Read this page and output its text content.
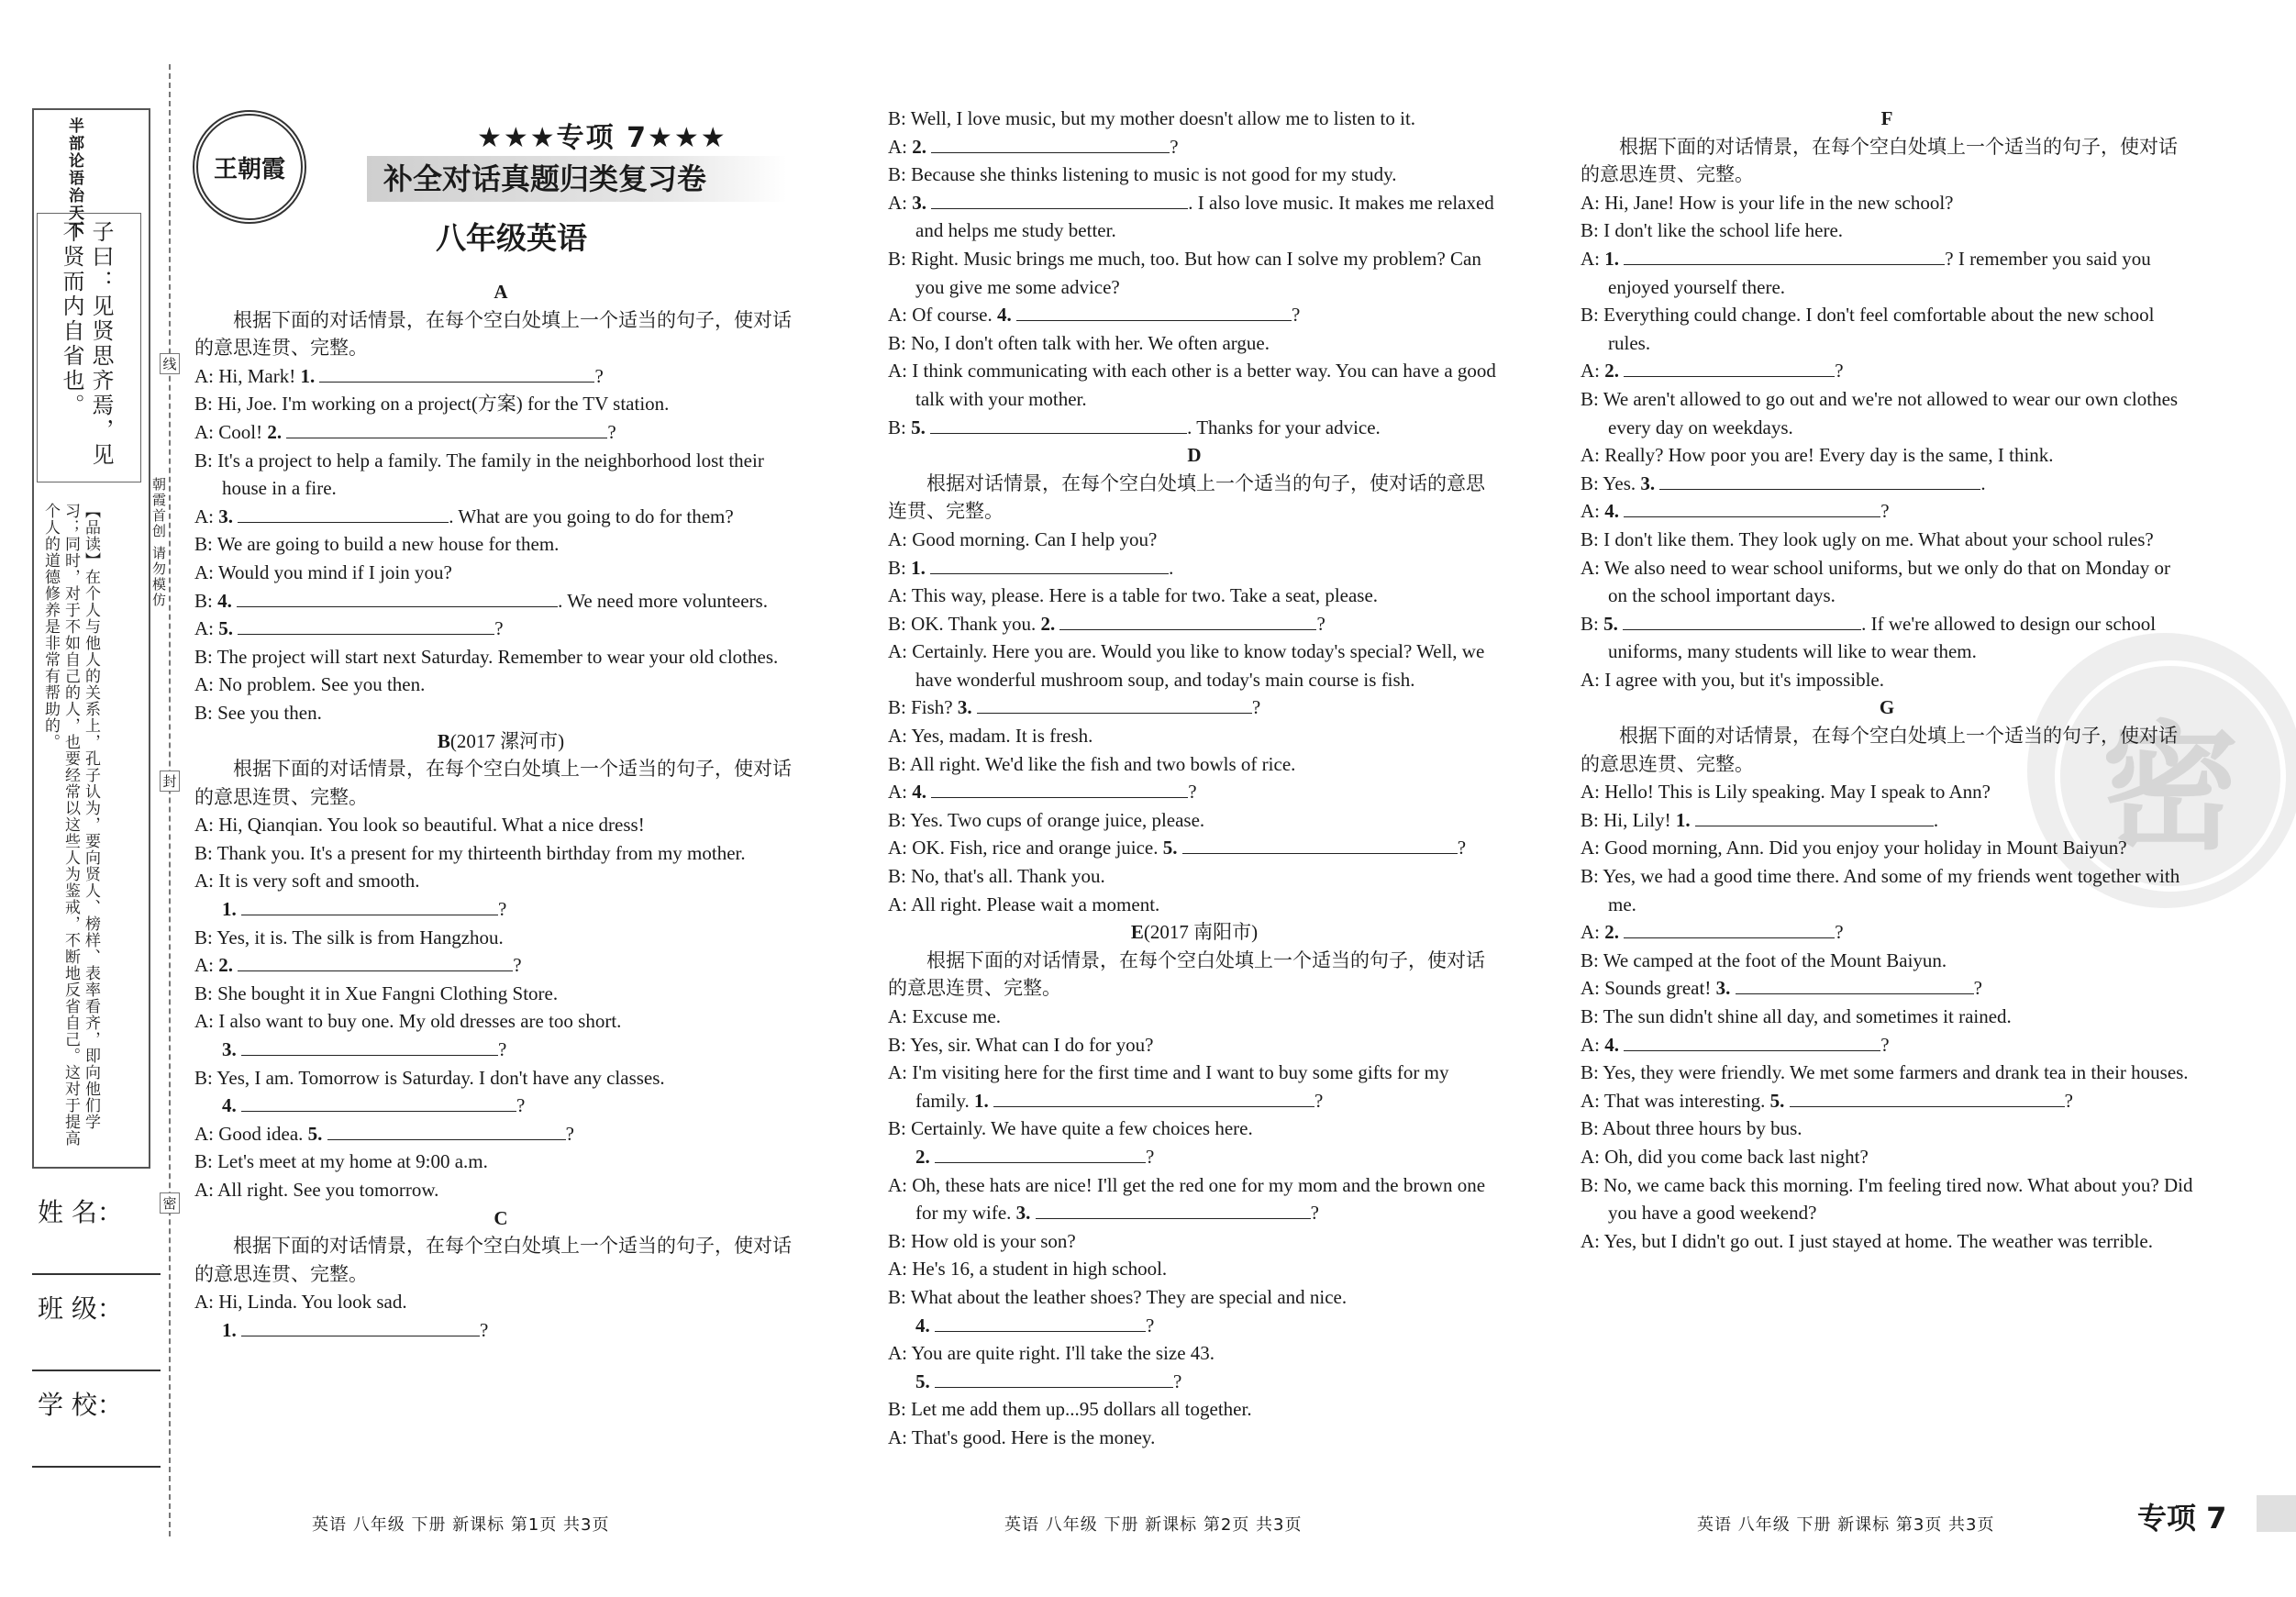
半部论语治天下
子曰：见贤思齐焉，见不贤而内自省也。
【品读】在个人与他人的关系上，孔子认为，要向贤人、榜样、表率看齐，即向他们学习；同时，对于不如自己的人，也要经常以这些人为鉴戒，不断地反省自己。这对于提高个人的道德修养是非常有帮助的。	朝霞首创 请勿模仿
姓 名：
班 级：
学 校：
线
封
密
王朝霞
★★★专项 7★★★
补全对话真题归类复习卷
八年级英语

A

根据下面的对话情景，在每个空白处填上一个适当的句子，使对话的意思连贯、完整。

A: Hi, Mark! 1.	?

B: Hi, Joe. I'm working on a project(方案) for the TV station.

A: Cool! 2.	?

B: It's a project to help a family. The family in the neighborhood lost their house in a fire.

A: 3.	. What are you going to do for them?

B: We are going to build a new house for them.

A: Would you mind if I join you?

B: 4.	. We need more volunteers.

A: 5.	?

B: The project will start next Saturday. Remember to wear your old clothes.

A: No problem. See you then.

B: See you then.

B(2017 漯河市)

根据下面的对话情景，在每个空白处填上一个适当的句子，使对话的意思连贯、完整。

A: Hi, Qianqian. You look so beautiful. What a nice dress!

B: Thank you. It's a present for my thirteenth birthday from my mother.

A: It is very soft and smooth.

1.	?

B: Yes, it is. The silk is from Hangzhou.

A: 2.	?

B: She bought it in Xue Fangni Clothing Store.

A: I also want to buy one. My old dresses are too short.

3.	?

B: Yes, I am. Tomorrow is Saturday. I don't have any classes.

4.	?

A: Good idea. 5.	?

B: Let's meet at my home at 9:00 a.m.

A: All right. See you tomorrow.

C

根据下面的对话情景，在每个空白处填上一个适当的句子，使对话的意思连贯、完整。

A: Hi, Linda. You look sad.

1.	?

B: Well, I love music, but my mother doesn't allow me to listen to it.

A: 2.	?

B: Because she thinks listening to music is not good for my study.

A: 3.	. I also love music. It makes me relaxed and helps me study better.

B: Right. Music brings me much, too. But how can I solve my problem? Can you give me some advice?

A: Of course. 4.	?

B: No, I don't often talk with her. We often argue.

A: I think communicating with each other is a better way. You can have a good talk with your mother.

B: 5.	. Thanks for your advice.

D

根据对话情景，在每个空白处填上一个适当的句子，使对话的意思连贯、完整。

A: Good morning. Can I help you?

B: 1.	.

A: This way, please. Here is a table for two. Take a seat, please.

B: OK. Thank you. 2.	?

A: Certainly. Here you are. Would you like to know today's special? Well, we have wonderful mushroom soup, and today's main course is fish.

B: Fish? 3.	?

A: Yes, madam. It is fresh.

B: All right. We'd like the fish and two bowls of rice.

A: 4.	?

B: Yes. Two cups of orange juice, please.

A: OK. Fish, rice and orange juice. 5.	?

B: No, that's all. Thank you.

A: All right. Please wait a moment.

E(2017 南阳市)

根据下面的对话情景，在每个空白处填上一个适当的句子，使对话的意思连贯、完整。

A: Excuse me.

B: Yes, sir. What can I do for you?

A: I'm visiting here for the first time and I want to buy some gifts for my family. 1.	?

B: Certainly. We have quite a few choices here.

2.	?

A: Oh, these hats are nice! I'll get the red one for my mom and the brown one for my wife. 3.	?

B: How old is your son?

A: He's 16, a student in high school.

B: What about the leather shoes? They are special and nice.

4.	?

A: You are quite right. I'll take the size 43.

5.	?

B: Let me add them up...95 dollars all together.

A: That's good. Here is the money.

密

F

根据下面的对话情景，在每个空白处填上一个适当的句子，使对话的意思连贯、完整。

A: Hi, Jane! How is your life in the new school?

B: I don't like the school life here.

A: 1.	? I remember you said you enjoyed yourself there.

B: Everything could change. I don't feel comfortable about the new school rules.

A: 2.	?

B: We aren't allowed to go out and we're not allowed to wear our own clothes every day on weekdays.

A: Really? How poor you are! Every day is the same, I think.

B: Yes. 3.	.

A: 4.	?

B: I don't like them. They look ugly on me. What about your school rules?

A: We also need to wear school uniforms, but we only do that on Monday or on the school important days.

B: 5.	. If we're allowed to design our school uniforms, many students will like to wear them.

A: I agree with you, but it's impossible.

G

根据下面的对话情景，在每个空白处填上一个适当的句子，使对话的意思连贯、完整。

A: Hello! This is Lily speaking. May I speak to Ann?

B: Hi, Lily! 1.	.

A: Good morning, Ann. Did you enjoy your holiday in Mount Baiyun?

B: Yes, we had a good time there. And some of my friends went together with me.

A: 2.	?

B: We camped at the foot of the Mount Baiyun.

A: Sounds great! 3.	?

B: The sun didn't shine all day, and sometimes it rained.

A: 4.	?

B: Yes, they were friendly. We met some farmers and drank tea in their houses.

A: That was interesting. 5.	?

B: About three hours by bus.

A: Oh, did you come back last night?

B: No, we came back this morning. I'm feeling tired now. What about you? Did you have a good weekend?

A: Yes, but I didn't go out. I just stayed at home. The weather was terrible.

英语 八年级 下册 新课标 第1页 共3页	英语 八年级 下册 新课标 第2页 共3页	英语 八年级 下册 新课标 第3页 共3页	专项 7
